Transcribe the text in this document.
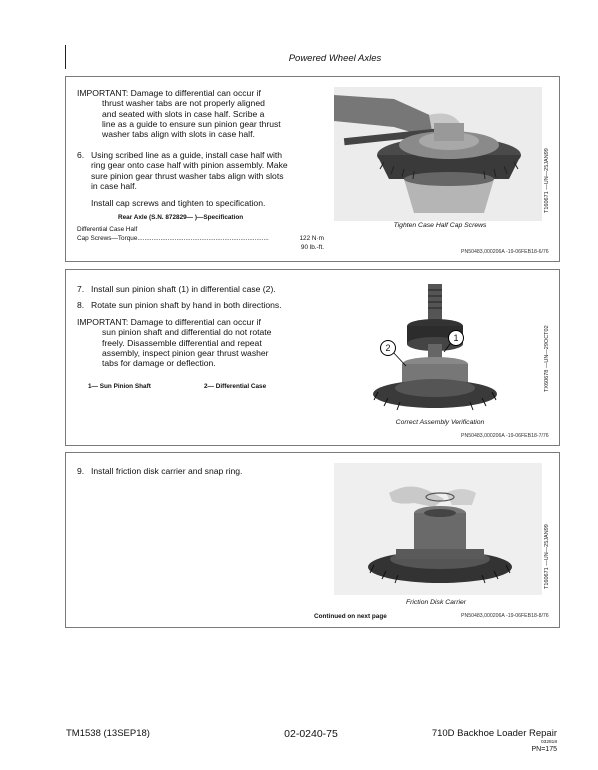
Powered Wheel Axles
IMPORTANT: Damage to differential can occur if
thrust washer tabs are not properly aligned
and seated with slots in case half. Scribe a
line as a guide to ensure sun pinion gear thrust
washer tabs align with slots in case half.
6. Using scribed line as a guide, install case half with
ring gear onto case half with pinion assembly. Make
sure pinion gear thrust washer tabs align with slots
in case half.
Install cap screws and tighten to specification.
Rear Axle (S.N. 872829— )—Specification
Differential Case Half
Cap Screws—Torque..........................................................................	122 N·m
90 lb.-ft.
Tighten Case Half Cap Screws
T160671 —UN—25JAN99
PN50483,000206A -19-06FEB18-6/76
7. Install sun pinion shaft (1) in differential case (2).
8. Rotate sun pinion shaft by hand in both directions.
IMPORTANT: Damage to differential can occur if
sun pinion shaft and differential do not rotate
freely. Disassemble differential and repeat
assembly, inspect pinion gear thrust washer
tabs for damage or deflection.
1— Sun Pinion Shaft	2— Differential Case
1
2
Correct Assembly Verification
TX60678 —UN—29OCT02
PN50483,000206A -19-06FEB18-7/76
9. Install friction disk carrier and snap ring.
Friction Disk Carrier
T160671 —UN—25JAN99
Continued on next page	PN50483,000206A -19-06FEB18-8/76
TM1538 (13SEP18)	02-0240-75	710D Backhoe Loader Repair
032818
PN=175
